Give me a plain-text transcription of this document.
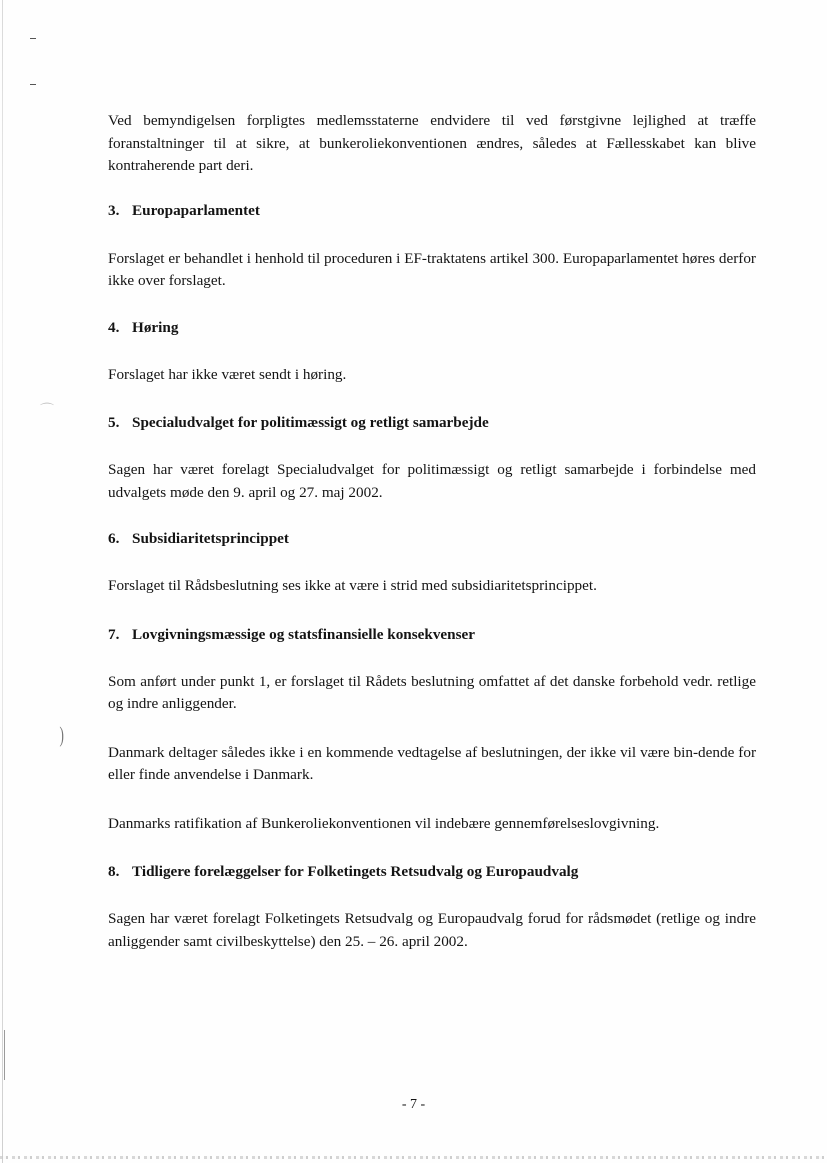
⌒
)

Ved bemyndigelsen forpligtes medlemsstaterne endvidere til ved førstgivne lejlighed at træffe foranstaltninger til at sikre, at bunkeroliekonventionen ændres, således at Fællesskabet kan blive kontraherende part deri.

3. Europaparlamentet

Forslaget er behandlet i henhold til proceduren i EF-traktatens artikel 300. Europaparlamentet høres derfor ikke over forslaget.

4. Høring

Forslaget har ikke været sendt i høring.

5. Specialudvalget for politimæssigt og retligt samarbejde

Sagen har været forelagt Specialudvalget for politimæssigt og retligt samarbejde i forbindelse med udvalgets møde den 9. april og 27. maj 2002.

6. Subsidiaritetsprincippet

Forslaget til Rådsbeslutning ses ikke at være i strid med subsidiaritetsprincippet.

7. Lovgivningsmæssige og statsfinansielle konsekvenser

Som anført under punkt 1, er forslaget til Rådets beslutning omfattet af det danske forbehold vedr. retlige og indre anliggender.

Danmark deltager således ikke i en kommende vedtagelse af beslutningen, der ikke vil være bin-dende for eller finde anvendelse i Danmark.

Danmarks ratifikation af Bunkeroliekonventionen vil indebære gennemførelseslovgivning.

8. Tidligere forelæggelser for Folketingets Retsudvalg og Europaudvalg

Sagen har været forelagt Folketingets Retsudvalg og Europaudvalg forud for rådsmødet (retlige og indre anliggender samt civilbeskyttelse) den 25. – 26. april 2002.

- 7 -
